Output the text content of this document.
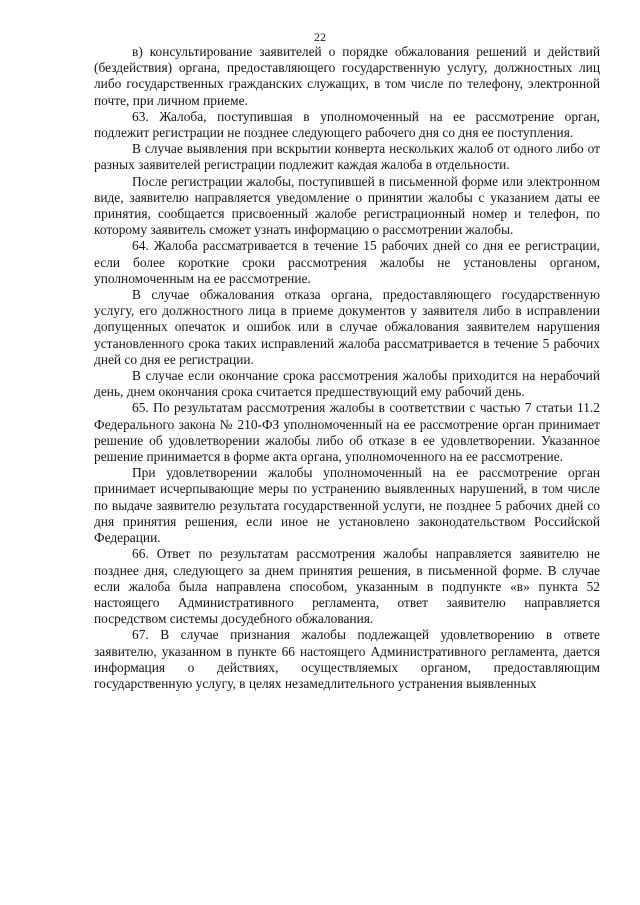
22

в) консультирование заявителей о порядке обжалования решений и действий (бездействия) органа, предоставляющего государственную услугу, должностных лиц либо государственных гражданских служащих, в том числе по телефону, электронной почте, при личном приеме.

63. Жалоба, поступившая в уполномоченный на ее рассмотрение орган, подлежит регистрации не позднее следующего рабочего дня со дня ее поступления.

В случае выявления при вскрытии конверта нескольких жалоб от одного либо от разных заявителей регистрации подлежит каждая жалоба в отдельности.

После регистрации жалобы, поступившей в письменной форме или электронном виде, заявителю направляется уведомление о принятии жалобы с указанием даты ее принятия, сообщается присвоенный жалобе регистрационный номер и телефон, по которому заявитель сможет узнать информацию о рассмотрении жалобы.

64. Жалоба рассматривается в течение 15 рабочих дней со дня ее регистрации, если более короткие сроки рассмотрения жалобы не установлены органом, уполномоченным на ее рассмотрение.

В случае обжалования отказа органа, предоставляющего государственную услугу, его должностного лица в приеме документов у заявителя либо в исправлении допущенных опечаток и ошибок или в случае обжалования заявителем нарушения установленного срока таких исправлений жалоба рассматривается в течение 5 рабочих дней со дня ее регистрации.

В случае если окончание срока рассмотрения жалобы приходится на нерабочий день, днем окончания срока считается предшествующий ему рабочий день.

65. По результатам рассмотрения жалобы в соответствии с частью 7 статьи 11.2 Федерального закона № 210-ФЗ уполномоченный на ее рассмотрение орган принимает решение об удовлетворении жалобы либо об отказе в ее удовлетворении. Указанное решение принимается в форме акта органа, уполномоченного на ее рассмотрение.

При удовлетворении жалобы уполномоченный на ее рассмотрение орган принимает исчерпывающие меры по устранению выявленных нарушений, в том числе по выдаче заявителю результата государственной услуги, не позднее 5 рабочих дней со дня принятия решения, если иное не установлено законодательством Российской Федерации.

66. Ответ по результатам рассмотрения жалобы направляется заявителю не позднее дня, следующего за днем принятия решения, в письменной форме. В случае если жалоба была направлена способом, указанным в подпункте «в» пункта 52 настоящего Административного регламента, ответ заявителю направляется посредством системы досудебного обжалования.

67. В случае признания жалобы подлежащей удовлетворению в ответе заявителю, указанном в пункте 66 настоящего Административного регламента, дается информация о действиях, осуществляемых органом, предоставляющим государственную услугу, в целях незамедлительного устранения выявленных
